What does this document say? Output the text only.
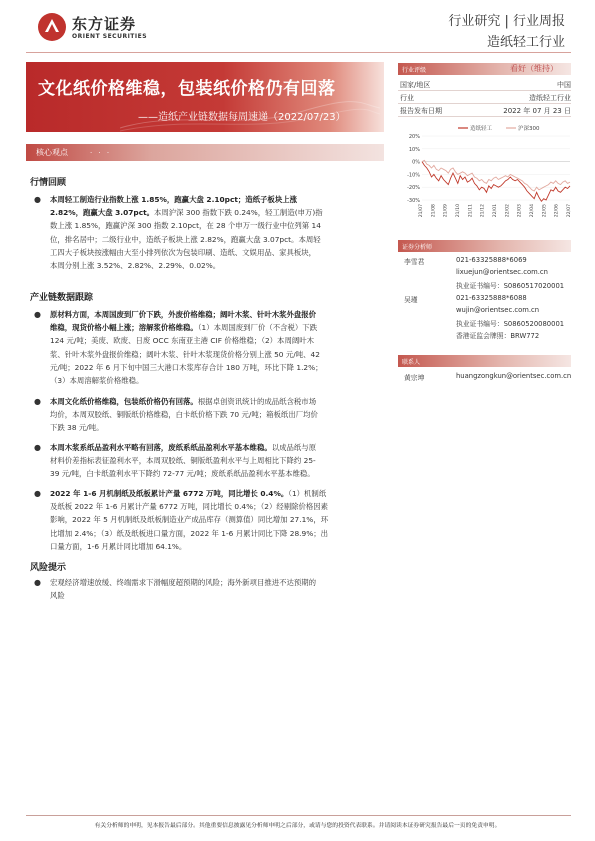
东方证券
ORIENT SECURITIES
行业研究 | 行业周报
造纸轻工行业
文化纸价格维稳，包装纸价格仍有回落
——造纸产业链数据每周速递（2022/07/23）
核心观点	. . .
行情回顾
● 本周轻工制造行业指数上涨 1.85%，跑赢大盘 2.10pct；造纸子板块上涨
2.82%，跑赢大盘 3.07pct。本周沪深 300 指数下跌 0.24%，轻工制造(申万)指
数上涨 1.85%，跑赢沪深 300 指数 2.10pct，在 28 个申万一级行业中位列第 14
位，排名居中；二级行业中，造纸子板块上涨 2.82%，跑赢大盘 3.07pct。本周轻
工四大子板块按涨幅由大至小排列依次为包装印刷、造纸、文娱用品、家具板块，
本周分别上涨 3.52%、2.82%、2.29%、0.02%。
产业链数据跟踪
● 原材料方面，本周国废到厂价下跌，外废价格维稳；阔叶木浆、针叶木浆外盘报价
维稳，现货价格小幅上涨；溶解浆价格维稳。（1）本周国废到厂价（不含税）下跌
124 元/吨；美废、欧废、日废 OCC 东南亚主港 CIF 价格维稳；（2）本周阔叶木
浆、针叶木浆外盘报价维稳；阔叶木浆、针叶木浆现货价格分别上涨 50 元/吨、42
元/吨；2022 年 6 月下旬中国三大港口木浆库存合计 180 万吨，环比下降 1.2%；
（3）本周溶解浆价格维稳。
● 本周文化纸价格维稳，包装纸价格仍有回落。根据卓创资讯统计的成品纸含税市场
均价，本周双胶纸、铜版纸价格维稳，白卡纸价格下跌 70 元/吨；箱板纸出厂均价
下跌 38 元/吨。
● 本周木浆系纸品盈利水平略有回落，废纸系纸品盈利水平基本维稳。以成品纸与原
材料价差指标表征盈利水平，本周双胶纸、铜版纸盈利水平与上周相比下降约 25-
39 元/吨，白卡纸盈利水平下降约 72-77 元/吨；废纸系纸品盈利水平基本维稳。
● 2022 年 1-6 月机制纸及纸板累计产量 6772 万吨，同比增长 0.4%。（1）机制纸
及纸板 2022 年 1-6 月累计产量 6772 万吨，同比增长 0.4%；（2）经剔除价格因素
影响，2022 年 5 月机制纸及纸板制造业产成品库存（测算值）同比增加 27.1%，环
比增加 2.4%；（3）纸及纸板进口量方面，2022 年 1-6 月累计同比下降 28.9%；出
口量方面，1-6 月累计同比增加 64.1%。
风险提示
● 宏观经济增速放缓、终端需求下滑幅度超预期的风险；海外新项目推进不达预期的
风险
行业评级	看好（维持）
国家/地区	中国
行业	造纸轻工行业
报告发布日期	2022 年 07 月 23 日
20%
10%
0%
-10%
-20%
-30%
21/07 21/08 21/09 21/10 21/11 21/12 22/01 22/02 22/03 22/04 22/05 22/06 22/07
造纸轻工	沪深300
证券分析师
李雪君	021-63325888*6069
lixuejun@orientsec.com.cn
执业证书编号：S0860517020001
吴瑾	021-63325888*6088
wujin@orientsec.com.cn
执业证书编号：S0860520080001
香港证监会牌照：BRW772
联系人
黄宗坤	huangzongkun@orientsec.com.cn
有关分析师的申明，见本报告最后部分。其他重要信息披露见分析师申明之后部分，或请与您的投资代表联系。并请阅读本证券研究报告最后一页的免责申明。
